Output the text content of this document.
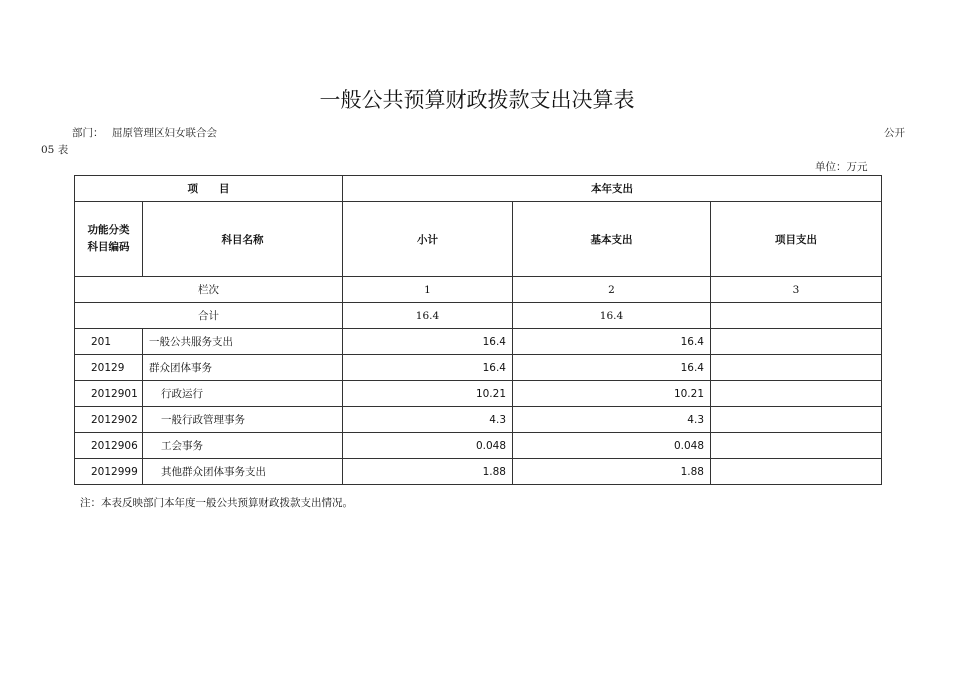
一般公共预算财政拨款支出决算表
部门： 屈原管理区妇女联合会	公开
05 表
单位：万元
项　　目		本年支出		
功能分类
科目编码	科目名称	小计	基本支出	项目支出
栏次		1	2	3
合计		16.4	16.4	
201	一般公共服务支出	16.4	16.4	
20129	群众团体事务	16.4	16.4	
2012901	行政运行	10.21	10.21	
2012902	一般行政管理事务	4.3	4.3	
2012906	工会事务	0.048	0.048	
2012999	其他群众团体事务支出	1.88	1.88	
注：本表反映部门本年度一般公共预算财政拨款支出情况。
